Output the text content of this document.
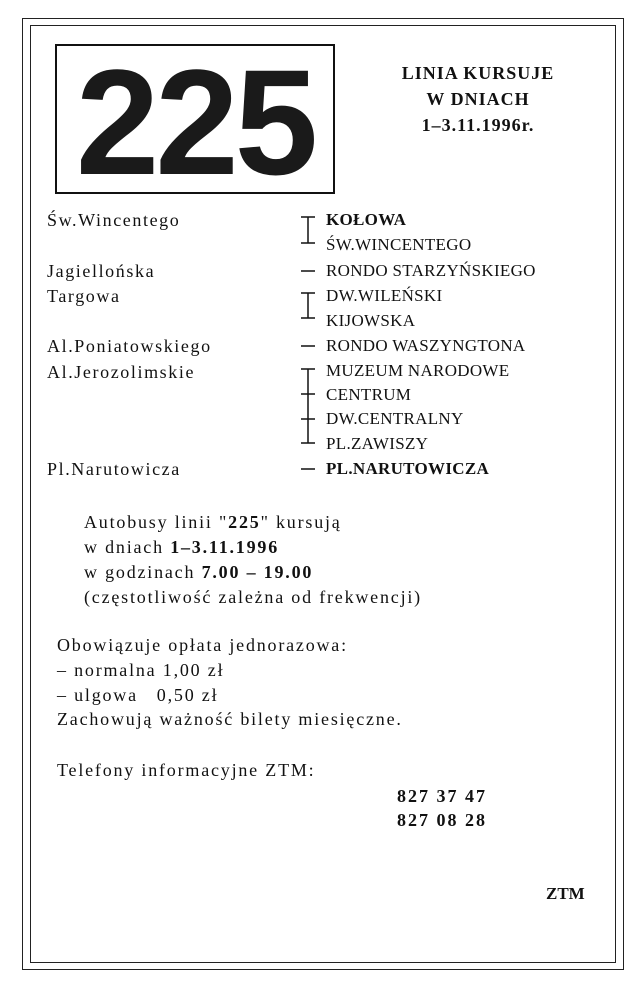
225	LINIA KURSUJE
W DNIACH
1–3.11.1996r.
Św.Wincentego
Jagiellońska
Targowa
Al.Poniatowskiego
Al.Jerozolimskie
Pl.Narutowicza
KOŁOWA
ŚW.WINCENTEGO
RONDO STARZYŃSKIEGO
DW.WILEŃSKI
KIJOWSKA
RONDO WASZYNGTONA
MUZEUM NARODOWE
CENTRUM
DW.CENTRALNY
PL.ZAWISZY
PL.NARUTOWICZA
Autobusy linii "225" kursują
w dniach 1–3.11.1996
w godzinach 7.00 – 19.00
(częstotliwość zależna od frekwencji)
Obowiązuje opłata jednorazowa:
– normalna 1,00 zł
– ulgowa   0,50 zł
Zachowują ważność bilety miesięczne.
Telefony informacyjne ZTM:
827 37 47
827 08 28
ZTM
